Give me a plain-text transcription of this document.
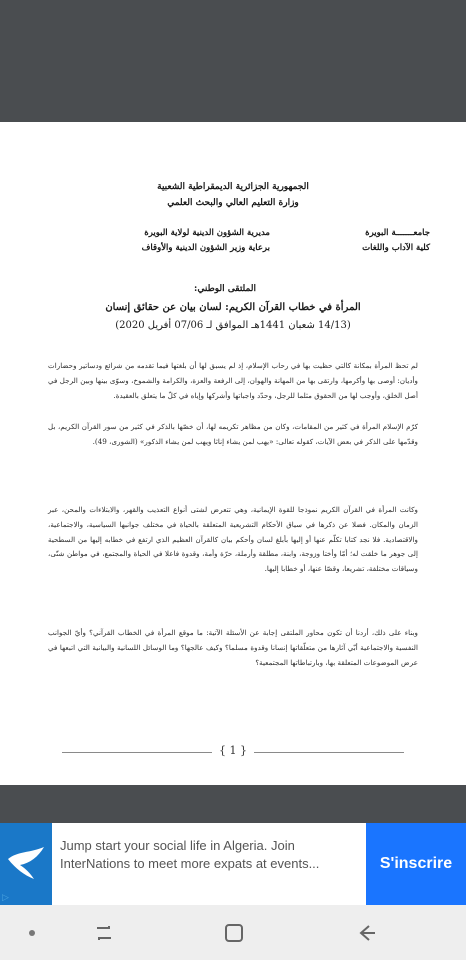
الجمهورية الجزائرية الديمقراطية الشعبية
وزارة التعليم العالي والبحث العلمي
جامعـــــــة البويرة
كلية الآداب واللغات
مديرية الشؤون الدينية لولاية البويرة
برعاية وزير الشؤون الدينية والأوقاف
الملتقى الوطني:
المرأة في خطاب القرآن الكريم: لسان بيان عن حقائق إنسان
(14/13 شعبان 1441هـ الموافق لـ 07/06 أفريل 2020)
لم تحظ المرأة بمكانة كالتي حظيت بها في رحاب الإسلام، إذ لم يسبق لها أن بلغتها فيما تقدمه من شرائع ودساتير وحضارات وأديان: أوصى بها وأكرمها، وارتقى بها من المهانة والهوان، إلى الرفعة والعزة، والكرامة والشموخ، وسوّى بينها وبين الرجل في أصل الخلق، وأوجب لها من الحقوق مثلما للرجل، وحدّد واجباتها وأشركها وإياه في كلّ ما يتعلق بالعقيدة.
كرّم الإسلام المرأة في كثير من المقامات، وكان من مظاهر تكريمه لها، أن خصّها بالذكر في كثير من سور القرآن الكريم، بل وقدّمها على الذكر في بعض الآيات، كقوله تعالى: «يهب لمن يشاء إناثا ويهب لمن يشاء الذكور» (الشورى، 49).
وكانت المرأة في القرآن الكريم نموذجا للقوة الإيمانية، وهي تتعرض لشتى أنواع التعذيب والقهر، والابتلاءات والمحن، عبر الزمان والمكان. فضلا عن ذكرها في سياق الأحكام التشريعية المتعلقة بالحياة في مختلف جوانبها السياسية، والاجتماعية، والاقتصادية. فلا نجد كتابا تكلّم عنها أو إليها بأبلغ لسان وأحكم بيان كالقرآن العظيم الذي ارتفع في خطابه إليها من السطحية إلى جوهر ما خلقت له؛ أمّا وأختا وزوجة، وابنة، مطلقة وأرملة، حرّة وأمة، وقدوة فاعلا في الحياة والمجتمع، في مواطن شتّى، وسياقات مختلفة، تشريعا، وقصّا عنها، أو خطابا إليها.
وبناء على ذلك، أردنا أن تكون محاور الملتقى إجابة عن الأسئلة الآتية: ما موقع المرأة في الخطاب القرآني؟ وأيّ الجوانب النفسية والاجتماعية أبّي آثارها من متعلّقاتها إنسانا وقدوة مسلما؟ وكيف عالجها؟ وما الوسائل اللسانية والبيانية التي اتبعها في عرض الموضوعات المتعلقة بها، وبارتباطاتها المجتمعية؟
{ 1 }
▷
Jump start your social life in Algeria. Join InterNations to meet more expats at events...	S'inscrire
